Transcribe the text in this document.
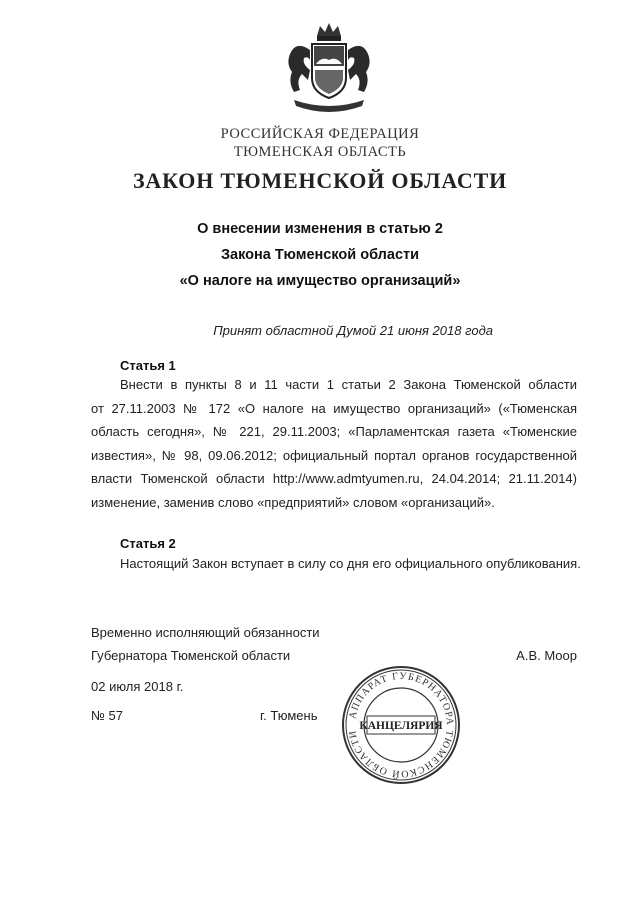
РОССИЙСКАЯ ФЕДЕРАЦИЯ
ТЮМЕНСКАЯ ОБЛАСТЬ
ЗАКОН ТЮМЕНСКОЙ ОБЛАСТИ
О внесении изменения в статью 2
Закона Тюменской области
«О налоге на имущество организаций»
Принят областной Думой 21 июня 2018 года
Статья 1
Внести в пункты 8 и 11 части 1 статьи 2 Закона Тюменской области
от 27.11.2003 № 172 «О налоге на имущество организаций» («Тюменская
область сегодня», № 221, 29.11.2003; «Парламентская газета «Тюменские
известия», № 98, 09.06.2012; официальный портал органов государственной
власти Тюменской области http://www.admtyumen.ru, 24.04.2014; 21.11.2014)
изменение, заменив слово «предприятий» словом «организаций».
Статья 2
Настоящий Закон вступает в силу со дня его официального опубликования.
Временно исполняющий обязанности
Губернатора Тюменской области	А.В. Моор
02 июля 2018 г.
№ 57	г. Тюмень	АППАРАТ ГУБЕРНАТОРА ТЮМЕНСКОЙ ОБЛАСТИ
КАНЦЕЛЯРИЯ
